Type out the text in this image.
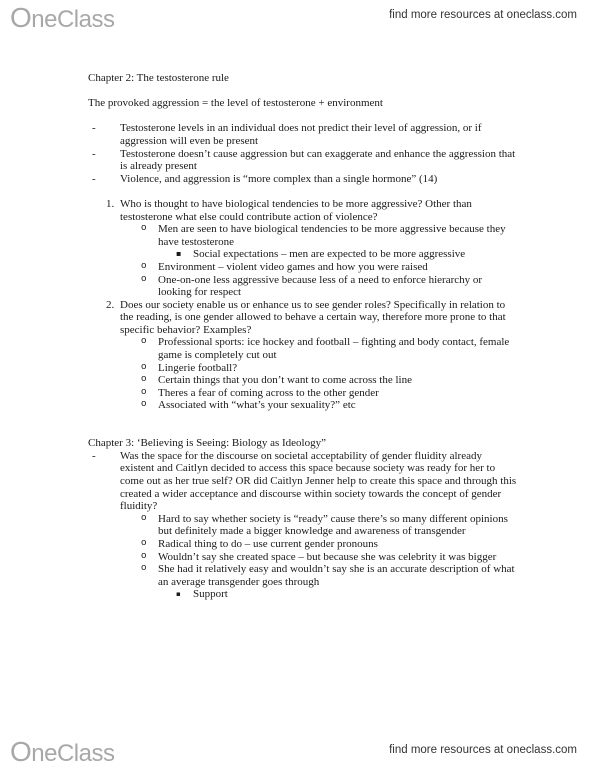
OneClass	find more resources at oneclass.com

Chapter 2: The testosterone rule

The provoked aggression = the level of testosterone + environment

- Testosterone levels in an individual does not predict their level of aggression, or if aggression will even be present
- Testosterone doesn’t cause aggression but can exaggerate and enhance the aggression that is already present
- Violence, and aggression is “more complex than a single hormone” (14)
1. Who is thought to have biological tendencies to be more aggressive? Other than testosterone what else could contribute action of violence?
o Men are seen to have biological tendencies to be more aggressive because they have testosterone
▪ Social expectations – men are expected to be more aggressive
o Environment – violent video games and how you were raised
o One-on-one less aggressive because less of a need to enforce hierarchy or looking for respect
2. Does our society enable us or enhance us to see gender roles? Specifically in relation to the reading, is one gender allowed to behave a certain way, therefore more prone to that specific behavior? Examples?
o Professional sports: ice hockey and football – fighting and body contact, female game is completely cut out
o Lingerie football?
o Certain things that you don’t want to come across the line
o Theres a fear of coming across to the other gender
o Associated with “what’s your sexuality?” etc

Chapter 3: ‘Believing is Seeing: Biology as Ideology”

- Was the space for the discourse on societal acceptability of gender fluidity already existent and Caitlyn decided to access this space because society was ready for her to come out as her true self? OR did Caitlyn Jenner help to create this space and through this created a wider acceptance and discourse within society towards the concept of gender fluidity?
o Hard to say whether society is “ready” cause there’s so many different opinions but definitely made a bigger knowledge and awareness of transgender
o Radical thing to do – use current gender pronouns
o Wouldn’t say she created space – but because she was celebrity it was bigger
o She had it relatively easy and wouldn’t say she is an accurate description of what an average transgender goes through
▪ Support
OneClass	find more resources at oneclass.com
